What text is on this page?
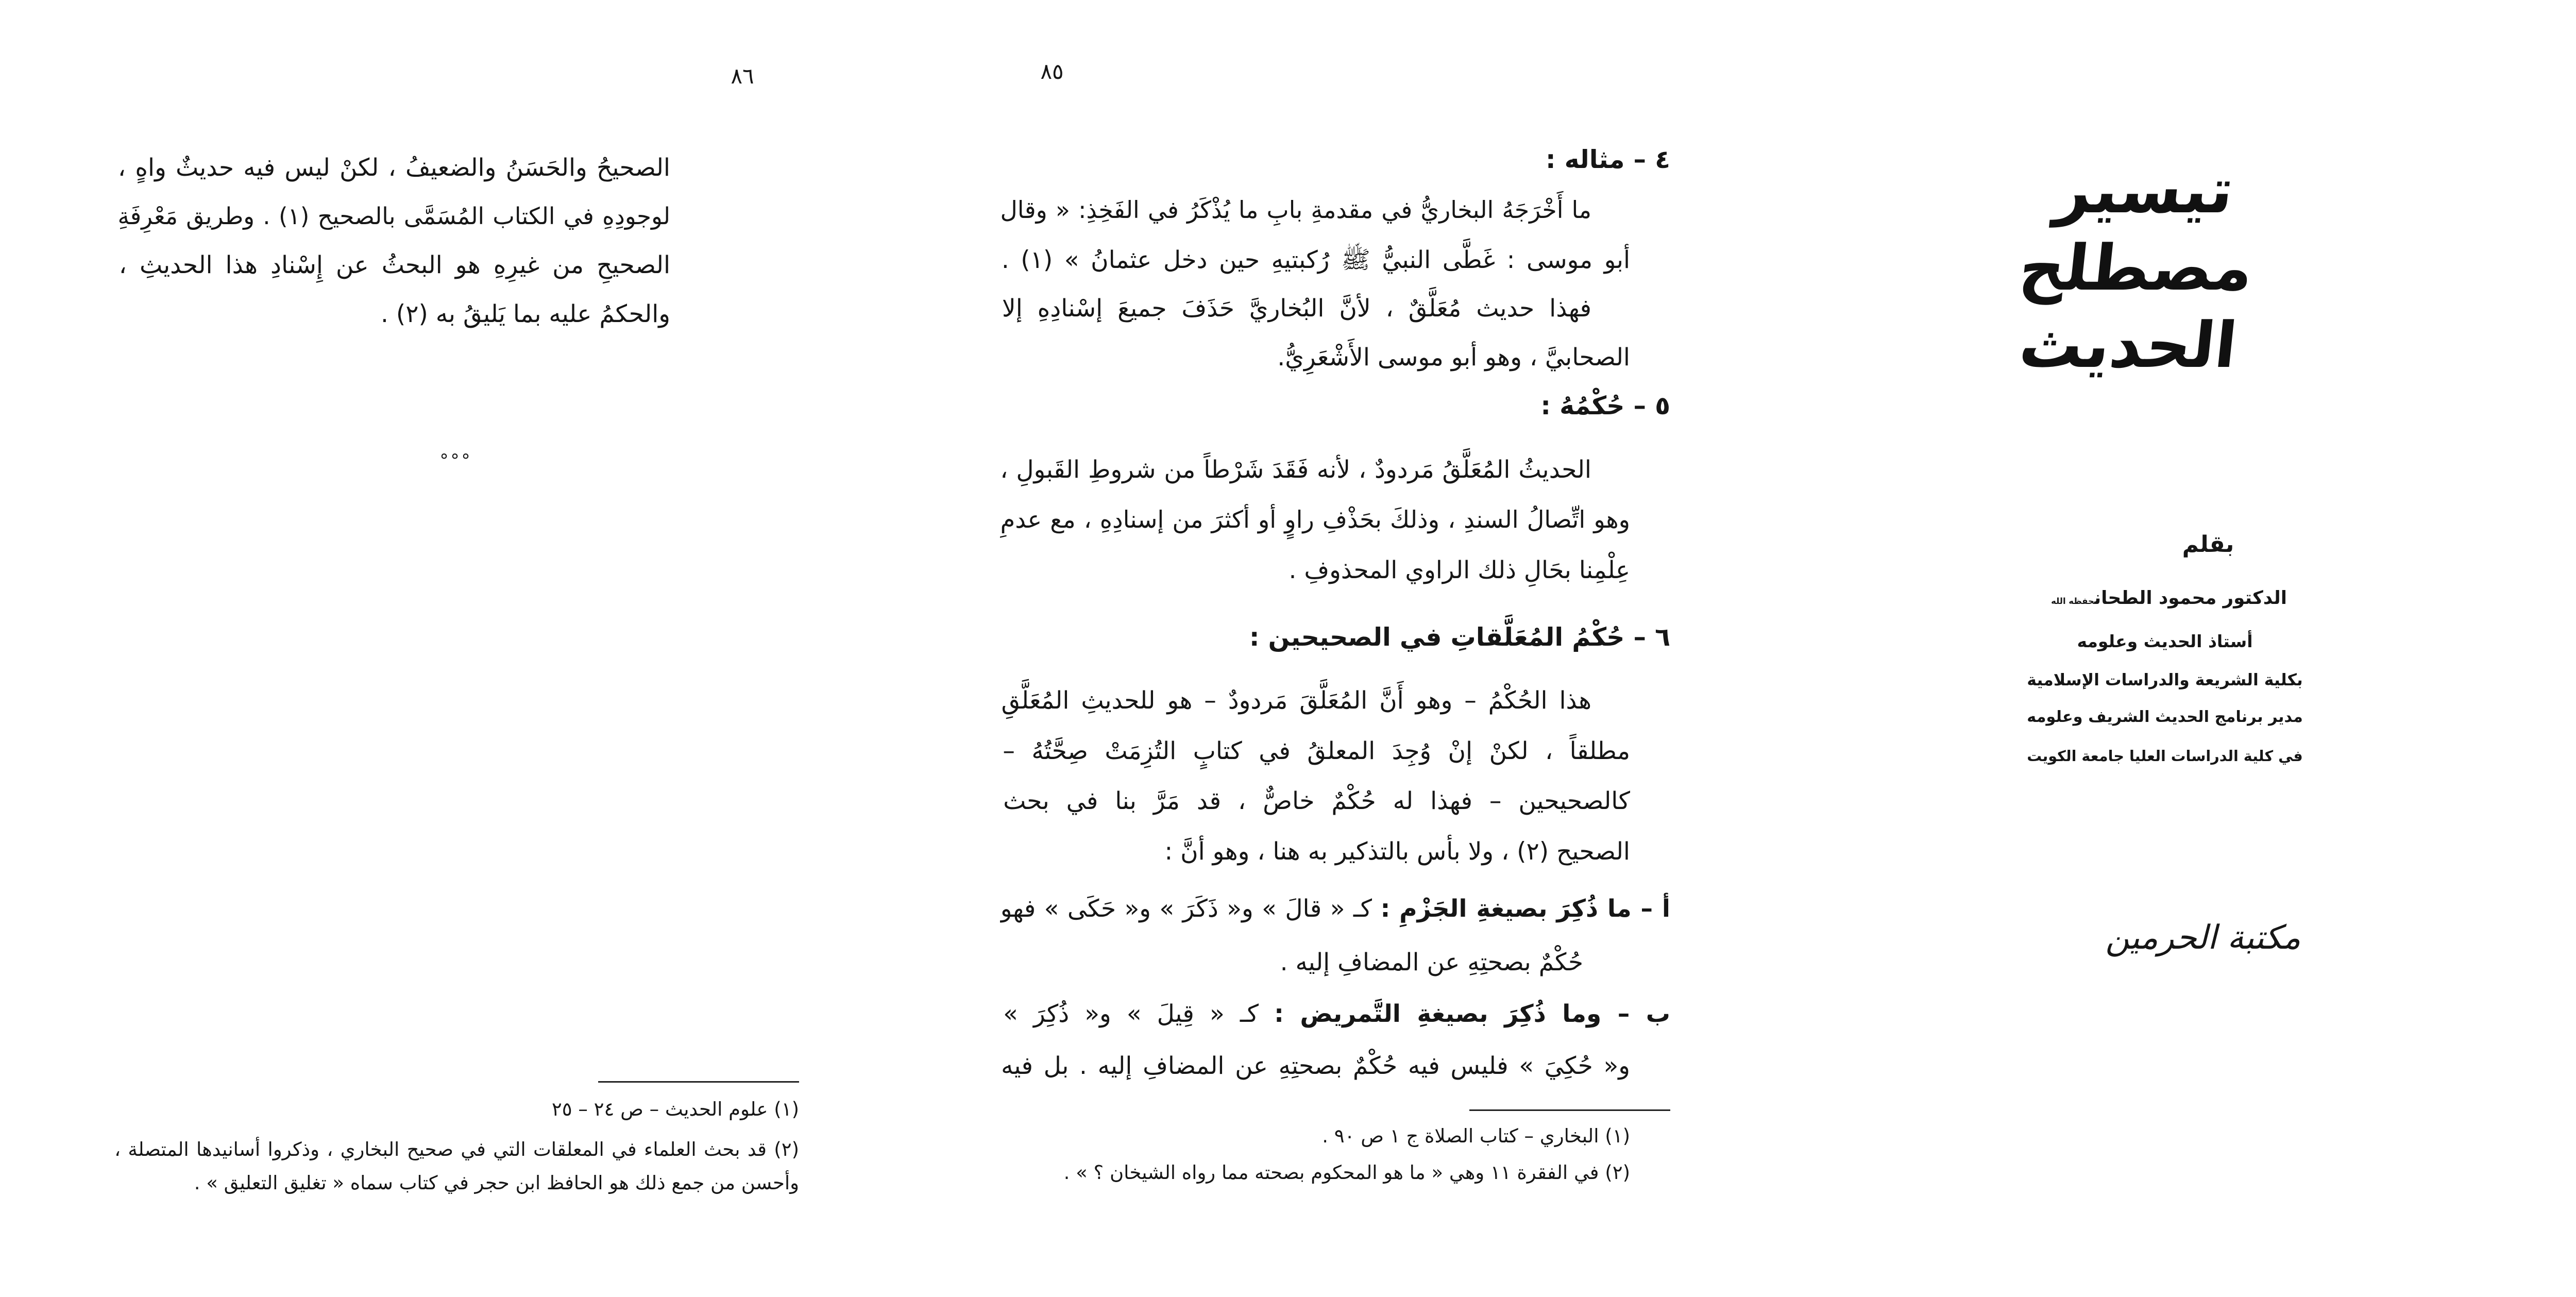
٨٦
الصحيحُ والحَسَنُ والضعيفُ ، لكنْ ليس فيه حديثٌ واهٍ ،
لوجودِهِ في الكتاب المُسَمَّى بالصحيح (١) . وطريق مَعْرِفَةِ
الصحيحِ من غيرِهِ هو البحثُ عن إِسْنادِ هذا الحديثِ ،
والحكمُ عليه بما يَليقُ به (٢) .
°°°
(١) علوم الحديث – ص ٢٤ – ٢٥
(٢) قد بحث العلماء في المعلقات التي في صحيح البخاري ، وذكروا أسانيدها المتصلة ،
وأحسن من جمع ذلك هو الحافظ ابن حجر في كتاب سماه « تغليق التعليق » .
٨٥
٤ – مثاله :
ما أَخْرَجَهُ البخاريُّ في مقدمةِ بابِ ما يُذْكَرُ في الفَخِذِ: « وقال
أبو موسى : غَطَّى النبيُّ ﷺ رُكبتيهِ حين دخل عثمانُ » (١) .
فهذا حديث مُعَلَّقٌ ، لأنَّ البُخاريَّ حَذَفَ جميعَ إسْنادِهِ إلا
الصحابيَّ ، وهو أبو موسى الأَشْعَرِيُّ.
٥ – حُكْمُهُ :
الحديثُ المُعَلَّقُ مَردودٌ ، لأنه فَقَدَ شَرْطاً من شروطِ القَبولِ ،
وهو اتِّصالُ السندِ ، وذلكَ بحَذْفِ راوٍ أو أكثرَ من إسنادِهِ ، مع عدمِ
عِلْمِنا بحَالِ ذلك الراوي المحذوفِ .
٦ – حُكْمُ المُعَلَّقاتِ في الصحيحين :
هذا الحُكْمُ – وهو أَنَّ المُعَلَّقَ مَردودٌ – هو للحديثِ المُعَلَّقِ
مطلقاً ، لكنْ إنْ وُجِدَ المعلقُ في كتابٍ التُزِمَتْ صِحَّتُهُ –
كالصحيحين – فهذا له حُكْمٌ خاصٌّ ، قد مَرَّ بنا في بحث
الصحيح (٢) ، ولا بأس بالتذكير به هنا ، وهو أنَّ :
أ – ما ذُكِرَ بصيغةِ الجَزْمِ : كـ « قالَ » و« ذَكَرَ » و« حَكَى » فهو
حُكْمٌ بصحتِهِ عن المضافِ إليه .
ب – وما ذُكِرَ بصيغةِ التَّمريض : كـ « قِيلَ » و« ذُكِرَ »
و« حُكِيَ » فليس فيه حُكْمٌ بصحتِهِ عن المضافِ إليه . بل فيه
(١) البخاري – كتاب الصلاة ج ١ ص ٩٠ .
(٢) في الفقرة ١١ وهي « ما هو المحكوم بصحته مما رواه الشيخان ؟ » .
تيسير مصطلح الحديث
بقلم
الدكتور محمود الطحانحفظه الله
أستاذ الحديث وعلومه
بكلية الشريعة والدراسات الإسلامية
مدير برنامج الحديث الشريف وعلومه
في كلية الدراسات العليا جامعة الكويت
مكتبة الحرمين
